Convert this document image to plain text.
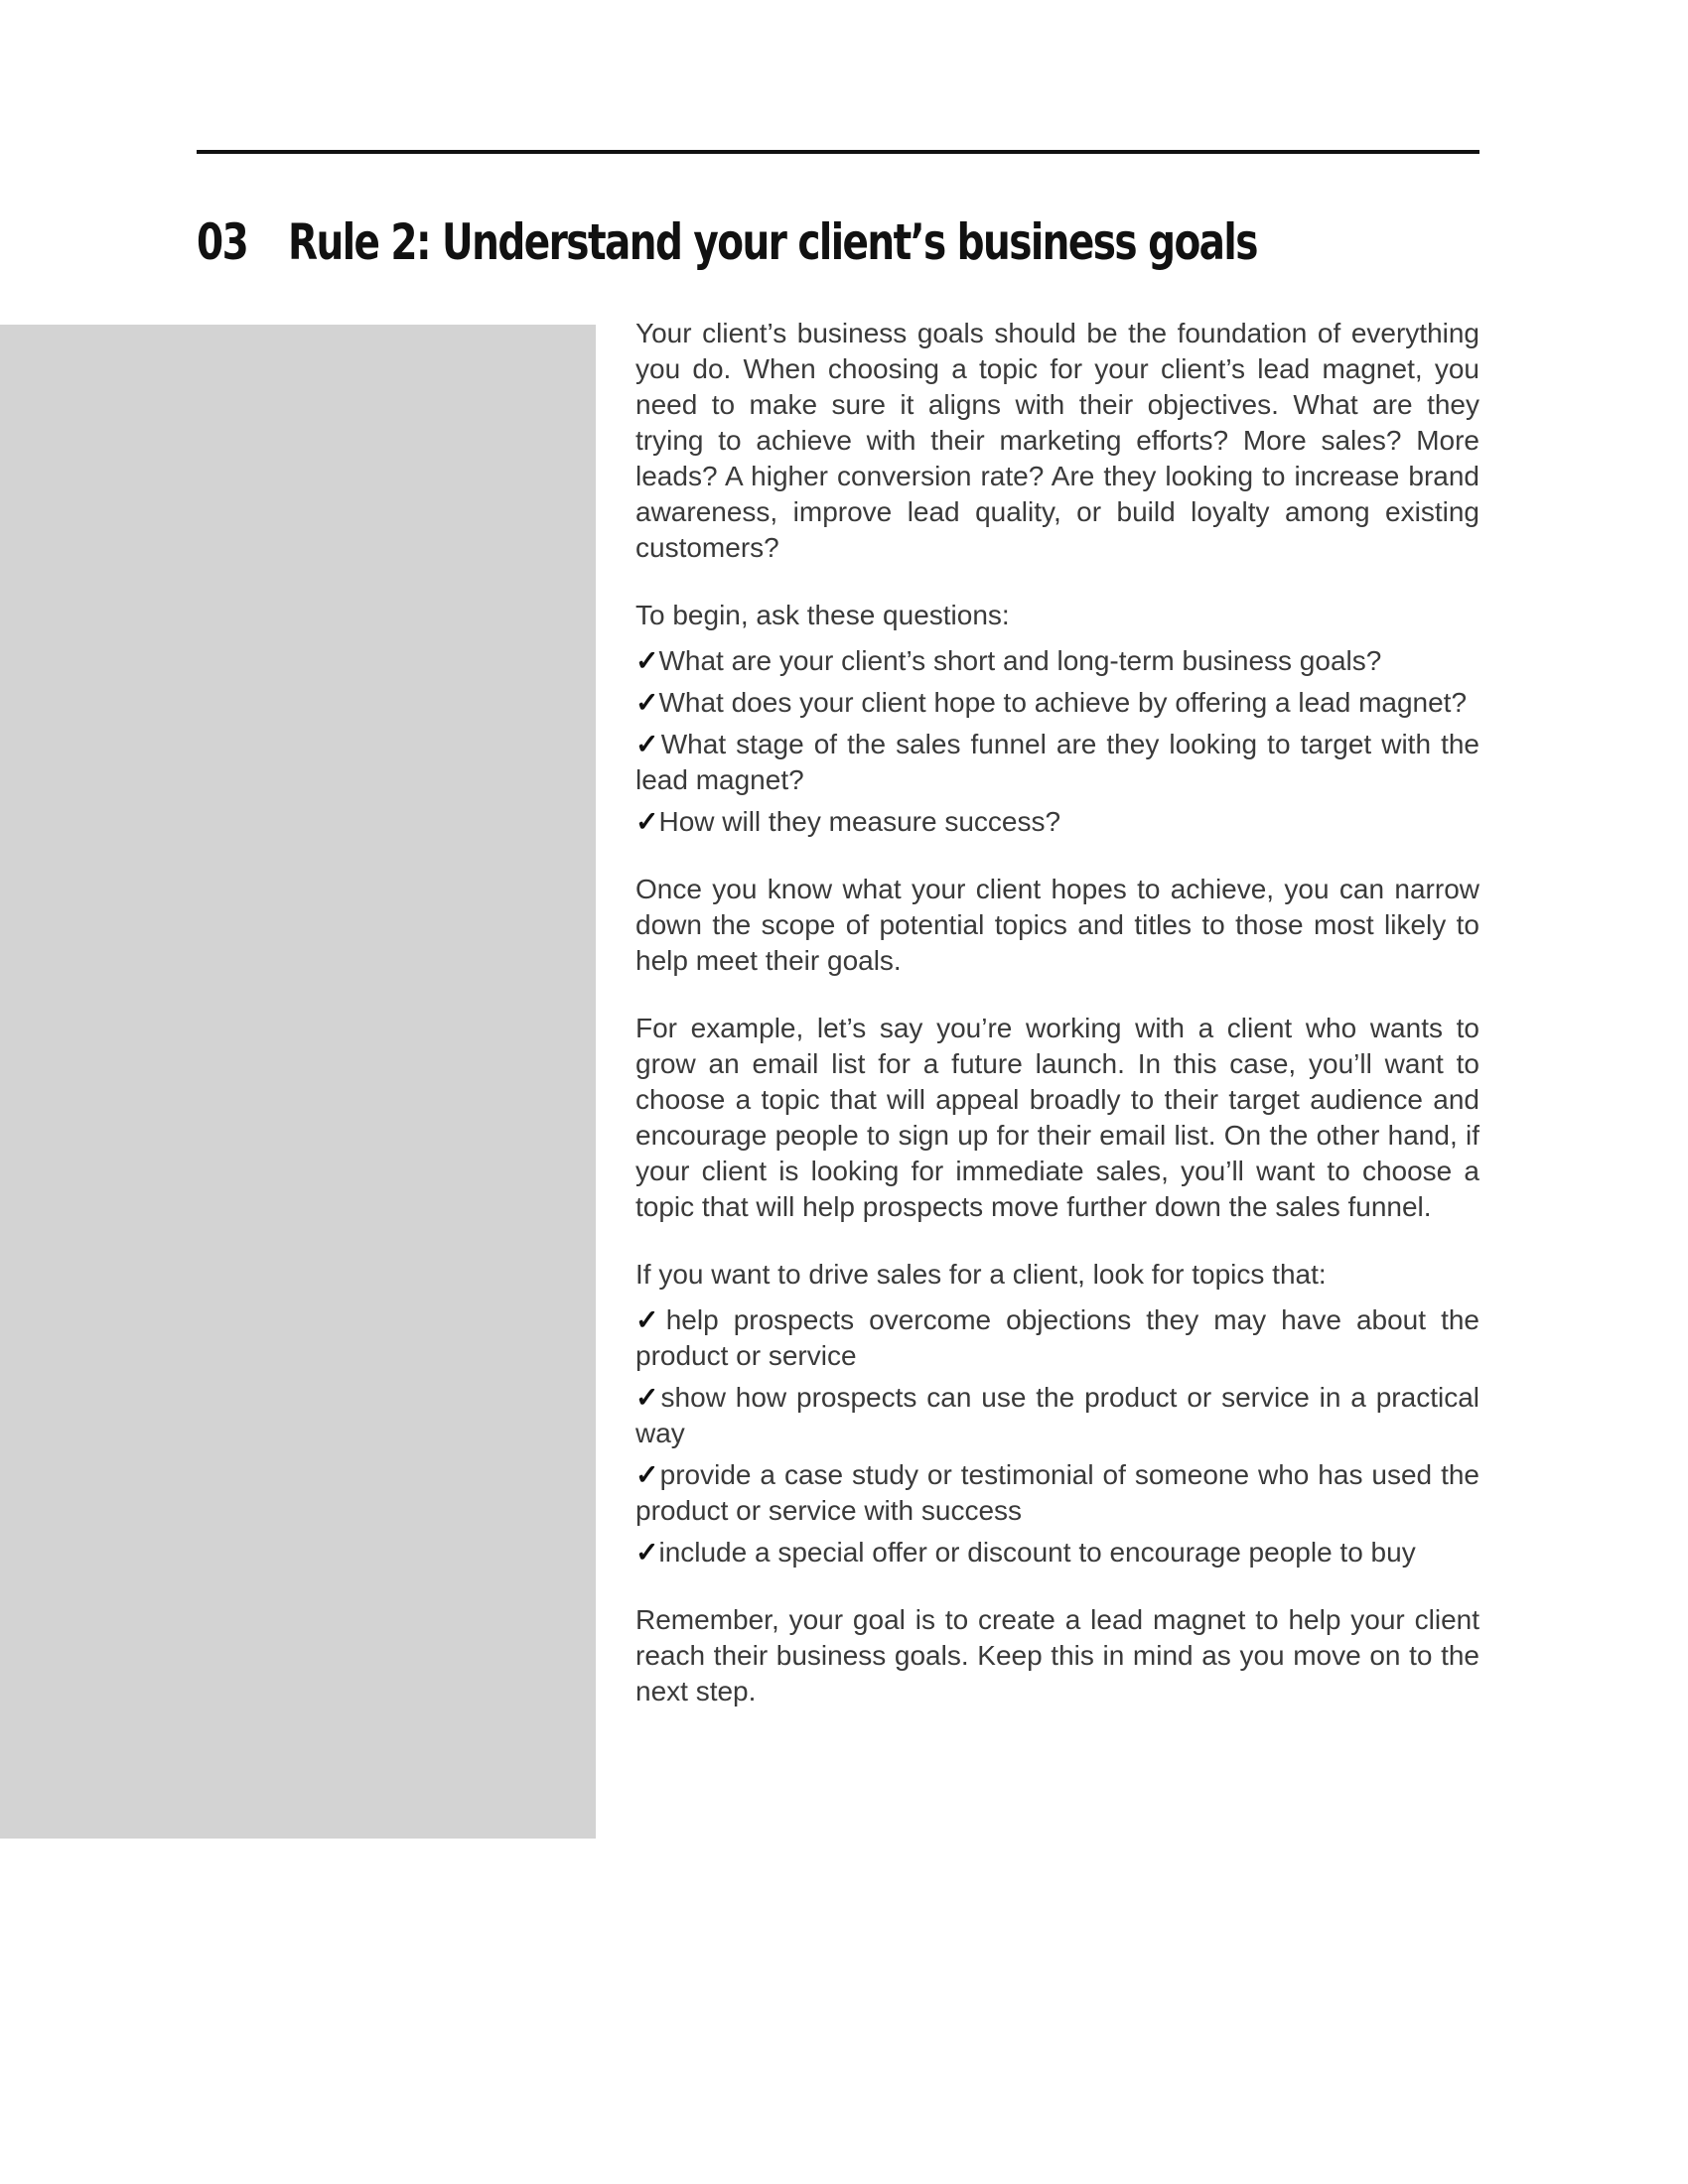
03 Rule 2: Understand your client’s business goals

Your client’s business goals should be the foundation of everything you do. When choosing a topic for your client’s lead magnet, you need to make sure it aligns with their objectives. What are they trying to achieve with their marketing efforts? More sales? More leads? A higher conversion rate? Are they looking to increase brand awareness, improve lead quality, or build loyalty among existing customers?

To begin, ask these questions:

✓What are your client’s short and long-term business goals?
✓What does your client hope to achieve by offering a lead magnet?
✓What stage of the sales funnel are they looking to target with the lead magnet?
✓How will they measure success?

Once you know what your client hopes to achieve, you can narrow down the scope of potential topics and titles to those most likely to help meet their goals.

For example, let’s say you’re working with a client who wants to grow an email list for a future launch. In this case, you’ll want to choose a topic that will appeal broadly to their target audience and encourage people to sign up for their email list. On the other hand, if your client is looking for immediate sales, you’ll want to choose a topic that will help prospects move further down the sales funnel.

If you want to drive sales for a client, look for topics that:

✓help prospects overcome objections they may have about the product or service
✓show how prospects can use the product or service in a practical way
✓provide a case study or testimonial of someone who has used the product or service with success
✓include a special offer or discount to encourage people to buy

Remember, your goal is to create a lead magnet to help your client reach their business goals. Keep this in mind as you move on to the next step.
